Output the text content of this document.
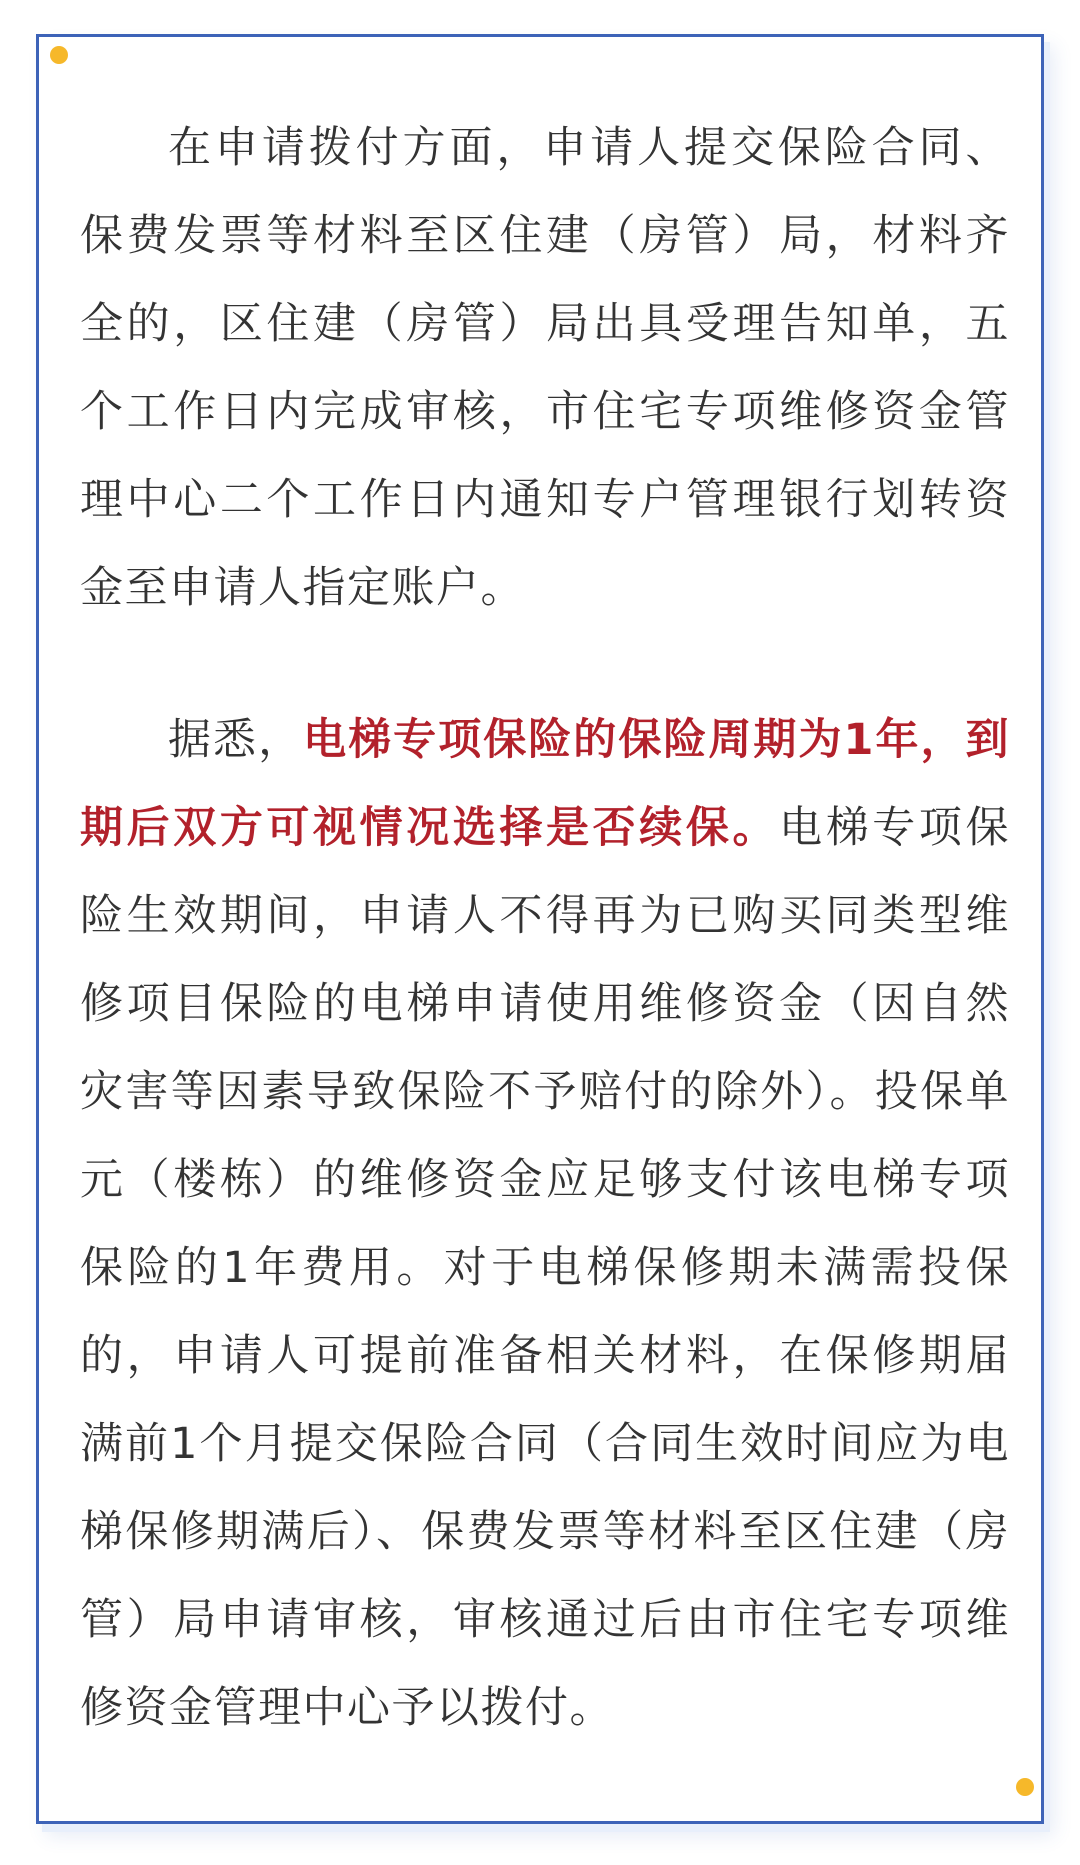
在申请拨付方面，申请人提交保险合同、保费发票等材料至区住建（房管）局，材料齐全的，区住建（房管）局出具受理告知单，五个工作日内完成审核，市住宅专项维修资金管理中心二个工作日内通知专户管理银行划转资金至申请人指定账户。

据悉，电梯专项保险的保险周期为1年，到期后双方可视情况选择是否续保。电梯专项保险生效期间，申请人不得再为已购买同类型维修项目保险的电梯申请使用维修资金（因自然灾害等因素导致保险不予赔付的除外）。投保单元（楼栋）的维修资金应足够支付该电梯专项保险的1年费用。对于电梯保修期未满需投保的，申请人可提前准备相关材料，在保修期届满前1个月提交保险合同（合同生效时间应为电梯保修期满后）、保费发票等材料至区住建（房管）局申请审核，审核通过后由市住宅专项维修资金管理中心予以拨付。
